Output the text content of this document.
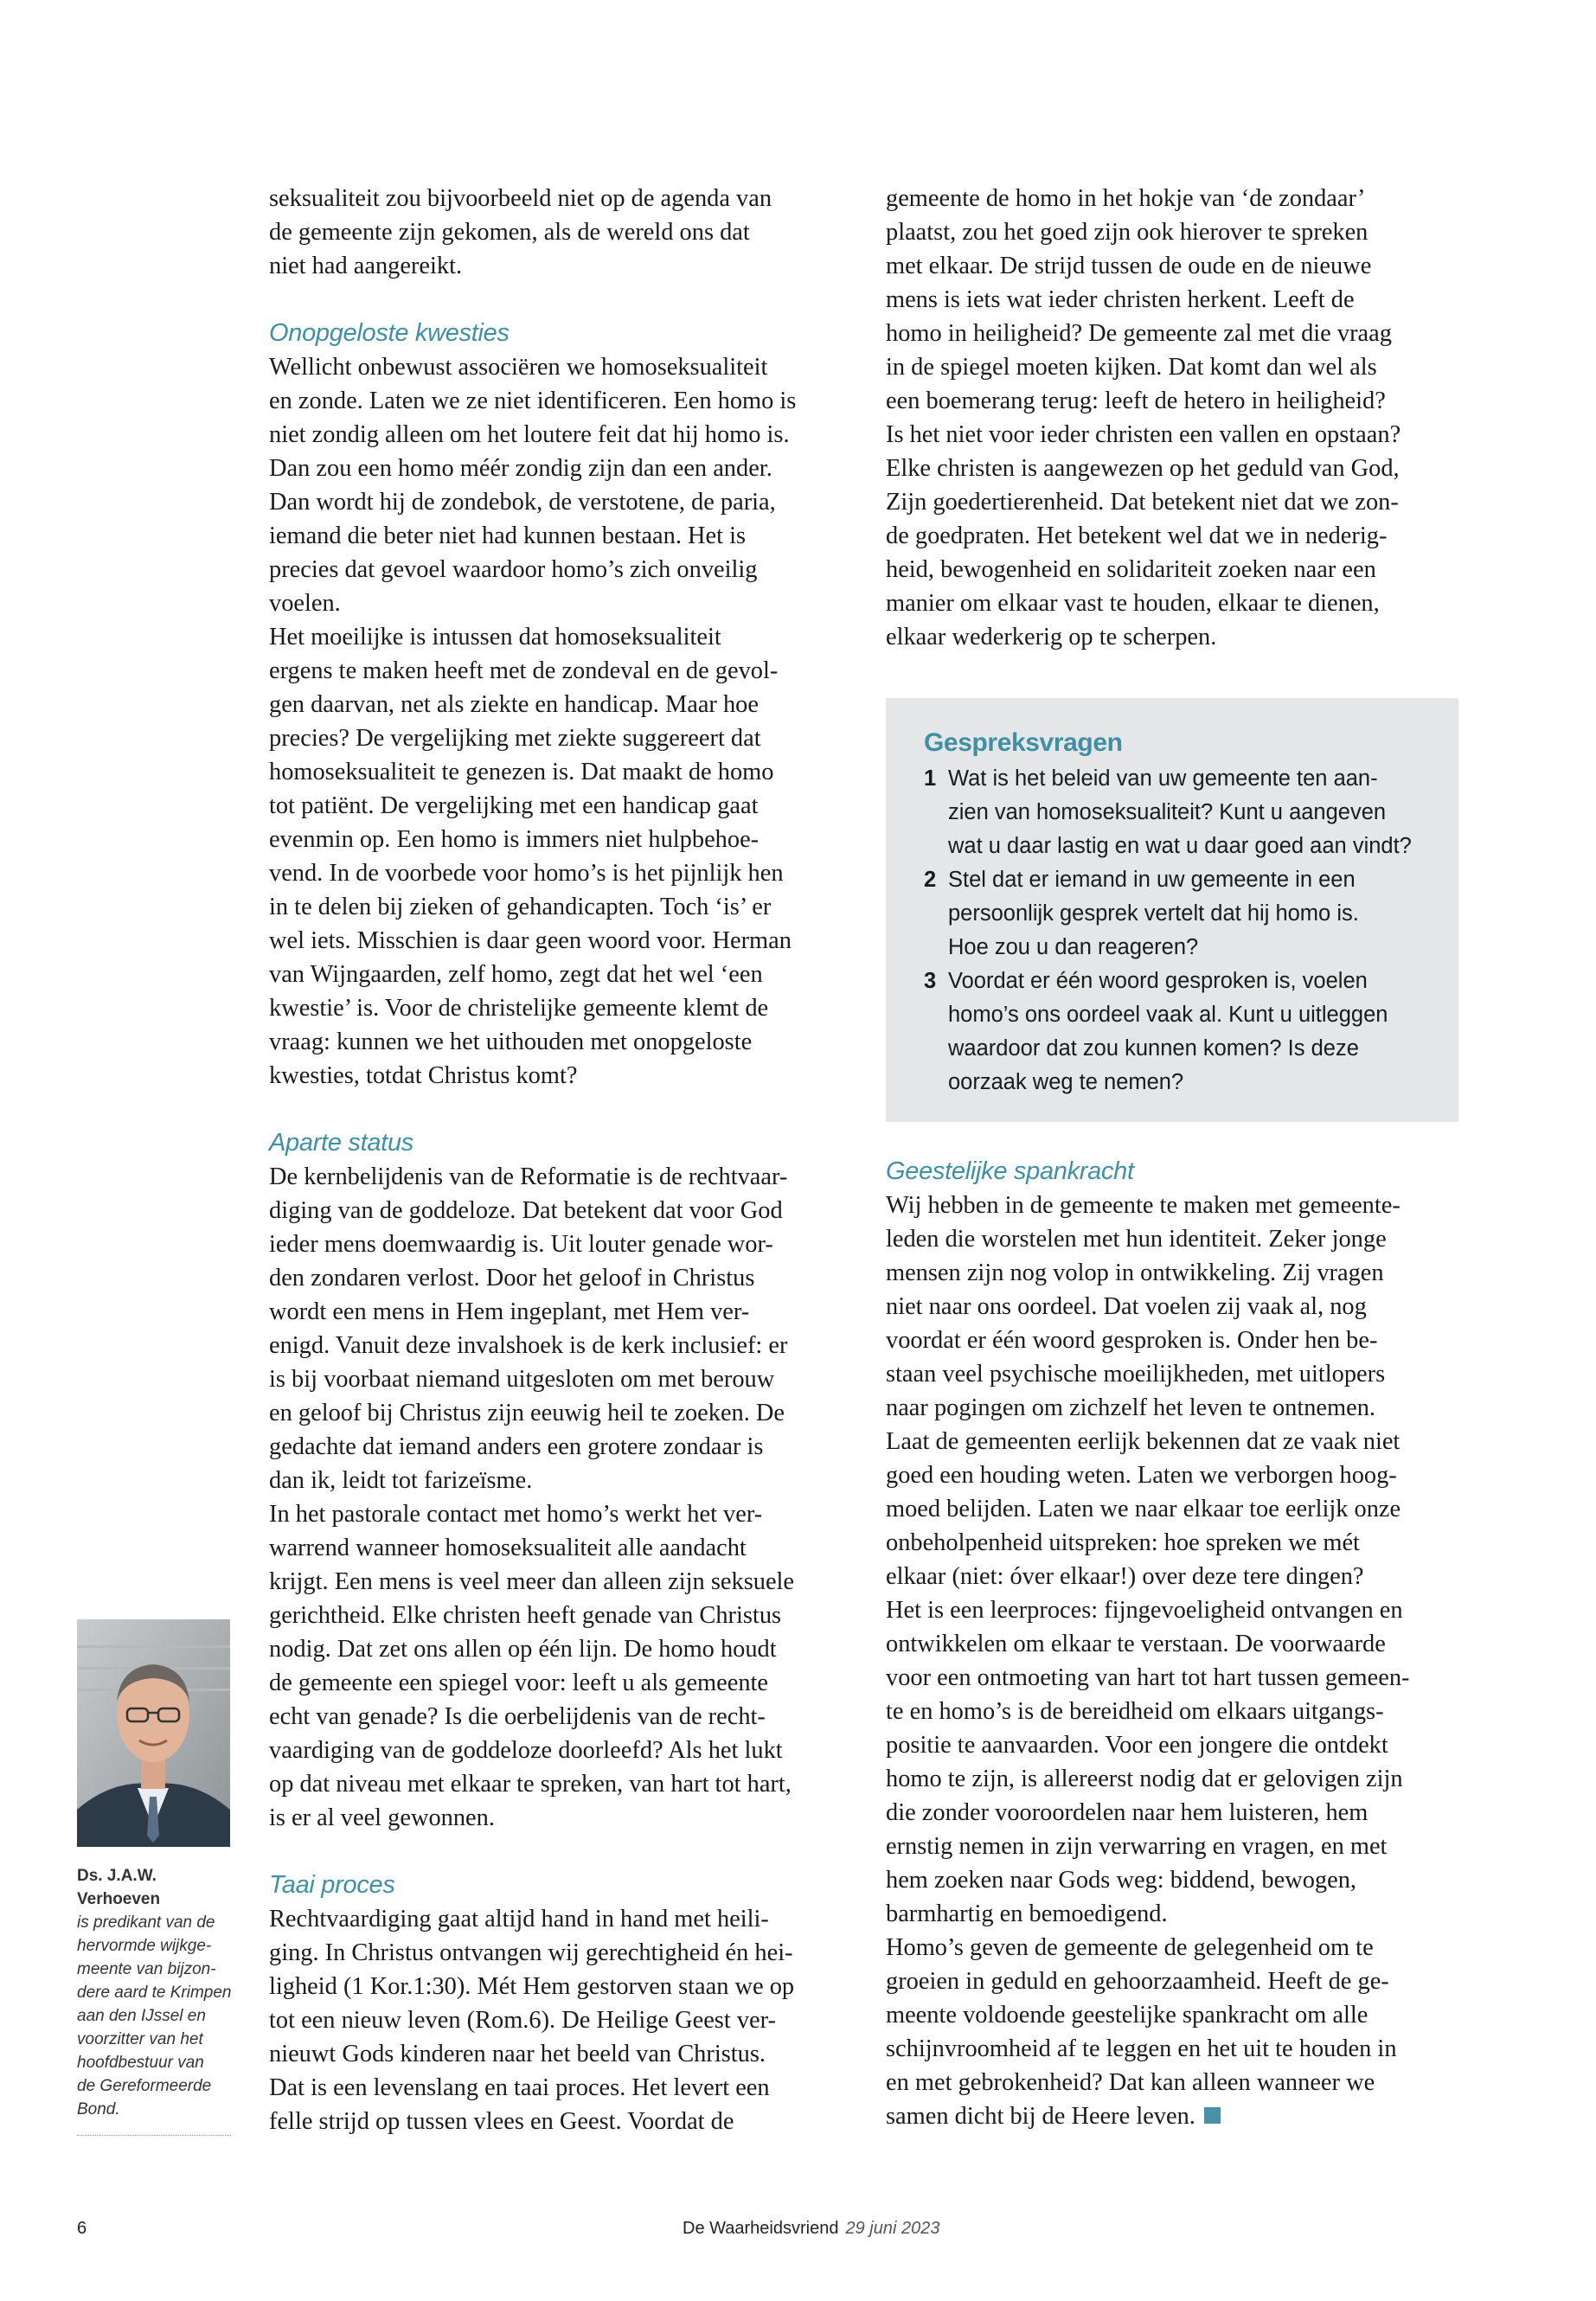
seksualiteit zou bijvoorbeeld niet op de agenda van

de gemeente zijn gekomen, als de wereld ons dat

niet had aangereikt.

Onopgeloste kwesties

Wellicht onbewust associëren we homoseksualiteit

en zonde. Laten we ze niet identificeren. Een homo is

niet zondig alleen om het loutere feit dat hij homo is.

Dan zou een homo méér zondig zijn dan een ander.

Dan wordt hij de zondebok, de verstotene, de paria,

iemand die beter niet had kunnen bestaan. Het is

precies dat gevoel waardoor homo’s zich onveilig

voelen.

Het moeilijke is intussen dat homoseksualiteit

ergens te maken heeft met de zondeval en de gevol-

gen daarvan, net als ziekte en handicap. Maar hoe

precies? De vergelijking met ziekte suggereert dat

homoseksualiteit te genezen is. Dat maakt de homo

tot patiënt. De vergelijking met een handicap gaat

evenmin op. Een homo is immers niet hulpbehoe-

vend. In de voorbede voor homo’s is het pijnlijk hen

in te delen bij zieken of gehandicapten. Toch ‘is’ er

wel iets. Misschien is daar geen woord voor. Herman

van Wijngaarden, zelf homo, zegt dat het wel ‘een

kwestie’ is. Voor de christelijke gemeente klemt de

vraag: kunnen we het uithouden met onopgeloste

kwesties, totdat Christus komt?

Aparte status

De kernbelijdenis van de Reformatie is de rechtvaar-

diging van de goddeloze. Dat betekent dat voor God

ieder mens doemwaardig is. Uit louter genade wor-

den zondaren verlost. Door het geloof in Christus

wordt een mens in Hem ingeplant, met Hem ver-

enigd. Vanuit deze invalshoek is de kerk inclusief: er

is bij voorbaat niemand uitgesloten om met berouw

en geloof bij Christus zijn eeuwig heil te zoeken. De

gedachte dat iemand anders een grotere zondaar is

dan ik, leidt tot farizeïsme.

In het pastorale contact met homo’s werkt het ver-

warrend wanneer homoseksualiteit alle aandacht

krijgt. Een mens is veel meer dan alleen zijn seksuele

gerichtheid. Elke christen heeft genade van Christus

nodig. Dat zet ons allen op één lijn. De homo houdt

de gemeente een spiegel voor: leeft u als gemeente

echt van genade? Is die oerbelijdenis van de recht-

vaardiging van de goddeloze doorleefd? Als het lukt

op dat niveau met elkaar te spreken, van hart tot hart,

is er al veel gewonnen.

Taai proces

Rechtvaardiging gaat altijd hand in hand met heili-

ging. In Christus ontvangen wij gerechtigheid én hei-

ligheid (1 Kor.1:30). Mét Hem gestorven staan we op

tot een nieuw leven (Rom.6). De Heilige Geest ver-

nieuwt Gods kinderen naar het beeld van Christus.

Dat is een levenslang en taai proces. Het levert een

felle strijd op tussen vlees en Geest. Voordat de

gemeente de homo in het hokje van ‘de zondaar’

plaatst, zou het goed zijn ook hierover te spreken

met elkaar. De strijd tussen de oude en de nieuwe

mens is iets wat ieder christen herkent. Leeft de

homo in heiligheid? De gemeente zal met die vraag

in de spiegel moeten kijken. Dat komt dan wel als

een boemerang terug: leeft de hetero in heiligheid?

Is het niet voor ieder christen een vallen en opstaan?

Elke christen is aangewezen op het geduld van God,

Zijn goedertierenheid. Dat betekent niet dat we zon-

de goedpraten. Het betekent wel dat we in nederig-

heid, bewogenheid en solidariteit zoeken naar een

manier om elkaar vast te houden, elkaar te dienen,

elkaar wederkerig op te scherpen.

Gespreksvragen
1 Wat is het beleid van uw gemeente ten aan-
zien van homoseksualiteit? Kunt u aangeven
wat u daar lastig en wat u daar goed aan vindt?
2 Stel dat er iemand in uw gemeente in een
persoonlijk gesprek vertelt dat hij homo is.
Hoe zou u dan reageren?
3 Voordat er één woord gesproken is, voelen
homo’s ons oordeel vaak al. Kunt u uitleggen
waardoor dat zou kunnen komen? Is deze
oorzaak weg te nemen?
Geestelijke spankracht

Wij hebben in de gemeente te maken met gemeente-

leden die worstelen met hun identiteit. Zeker jonge

mensen zijn nog volop in ontwikkeling. Zij vragen

niet naar ons oordeel. Dat voelen zij vaak al, nog

voordat er één woord gesproken is. Onder hen be-

staan veel psychische moeilijkheden, met uitlopers

naar pogingen om zichzelf het leven te ontnemen.

Laat de gemeenten eerlijk bekennen dat ze vaak niet

goed een houding weten. Laten we verborgen hoog-

moed belijden. Laten we naar elkaar toe eerlijk onze

onbeholpenheid uitspreken: hoe spreken we mét

elkaar (niet: óver elkaar!) over deze tere dingen?

Het is een leerproces: fijngevoeligheid ontvangen en

ontwikkelen om elkaar te verstaan. De voorwaarde

voor een ontmoeting van hart tot hart tussen gemeen-

te en homo’s is de bereidheid om elkaars uitgangs-

positie te aanvaarden. Voor een jongere die ontdekt

homo te zijn, is allereerst nodig dat er gelovigen zijn

die zonder vooroordelen naar hem luisteren, hem

ernstig nemen in zijn verwarring en vragen, en met

hem zoeken naar Gods weg: biddend, bewogen,

barmhartig en bemoedigend.

Homo’s geven de gemeente de gelegenheid om te

groeien in geduld en gehoorzaamheid. Heeft de ge-

meente voldoende geestelijke spankracht om alle

schijnvroomheid af te leggen en het uit te houden in

en met gebrokenheid? Dat kan alleen wanneer we

samen dicht bij de Heere leven.

Ds. J.A.W. Verhoeven
is predikant van de
hervormde wijkge-
meente van bijzon-
dere aard te Krimpen
aan den IJssel en
voorzitter van het
hoofdbestuur van
de Gereformeerde
Bond.
6	De Waarheidsvriend 29 juni 2023
